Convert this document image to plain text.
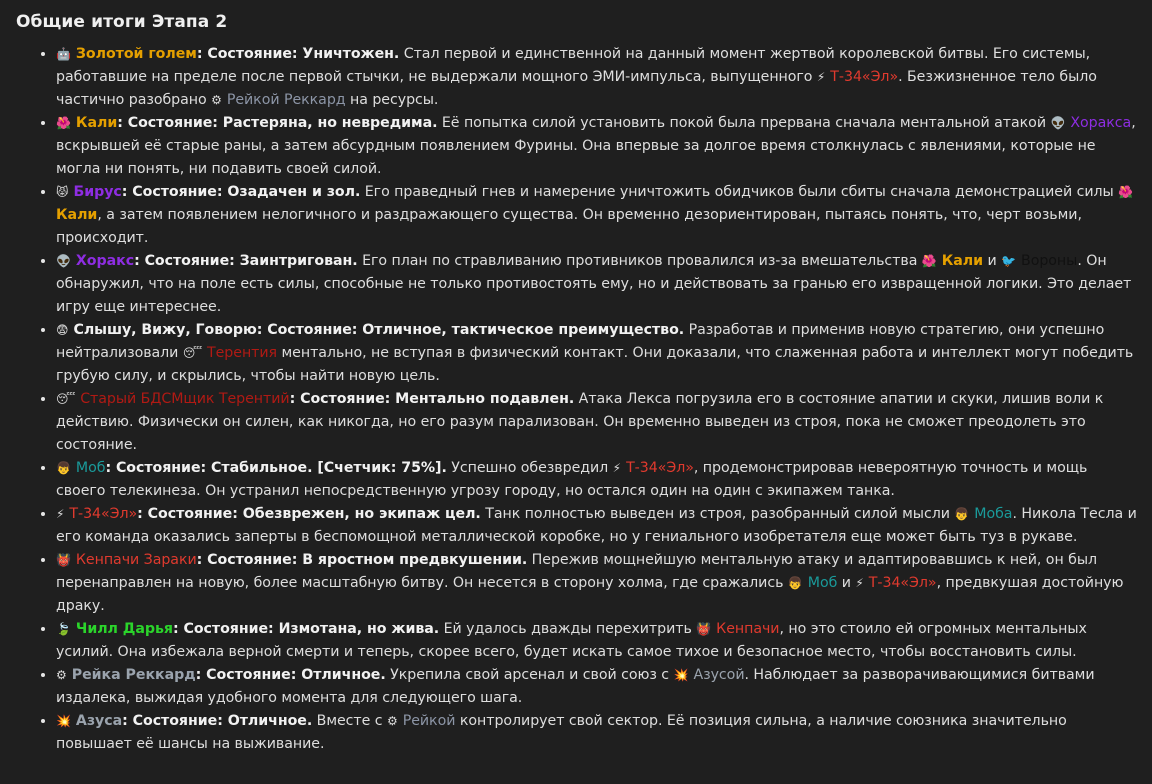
Общие итоги Этапа 2
• 🤖 Золотой голем: Состояние: Уничтожен. Стал первой и единственной на данный момент жертвой королевской битвы. Его системы, работавшие на пределе после первой стычки, не выдержали мощного ЭМИ-импульса, выпущенного ⚡ Т-34«Эл». Безжизненное тело было частично разобрано ⚙ Рейкой Реккард на ресурсы.
• 🌺 Кали: Состояние: Растеряна, но невредима. Её попытка силой установить покой была прервана сначала ментальной атакой 👽 Хоракса, вскрывшей её старые раны, а затем абсурдным появлением Фурины. Она впервые за долгое время столкнулась с явлениями, которые не могла ни понять, ни подавить своей силой.
• 😾 Бирус: Состояние: Озадачен и зол. Его праведный гнев и намерение уничтожить обидчиков были сбиты сначала демонстрацией силы 🌺Кали, а затем появлением нелогичного и раздражающего существа. Он временно дезориентирован, пытаясь понять, что, черт возьми, происходит.
• 👽 Хоракс: Состояние: Заинтригован. Его план по стравливанию противников провалился из-за вмешательства 🌺 Кали и 🐦 Вороны. Он обнаружил, что на поле есть силы, способные не только противостоять ему, но и действовать за гранью его извращенной логики. Это делает игру еще интереснее.
• 😨 Слышу, Вижу, Говорю: Состояние: Отличное, тактическое преимущество. Разработав и применив новую стратегию, они успешно нейтрализовали 😴 Терентия ментально, не вступая в физический контакт. Они доказали, что слаженная работа и интеллект могут победить грубую силу, и скрылись, чтобы найти новую цель.
• 😴 Старый БДСМщик Терентий: Состояние: Ментально подавлен. Атака Лекса погрузила его в состояние апатии и скуки, лишив воли к действию. Физически он силен, как никогда, но его разум парализован. Он временно выведен из строя, пока не сможет преодолеть это состояние.
• 👦 Моб: Состояние: Стабильное. [Счетчик: 75%]. Успешно обезвредил ⚡ Т-34«Эл», продемонстрировав невероятную точность и мощь своего телекинеза. Он устранил непосредственную угрозу городу, но остался один на один с экипажем танка.
• ⚡ Т-34«Эл»: Состояние: Обезврежен, но экипаж цел. Танк полностью выведен из строя, разобранный силой мысли 👦 Моба. Никола Тесла и его команда оказались заперты в беспомощной металлической коробке, но у гениального изобретателя еще может быть туз в рукаве.
• 👹 Кенпачи Зараки: Состояние: В яростном предвкушении. Пережив мощнейшую ментальную атаку и адаптировавшись к ней, он был перенаправлен на новую, более масштабную битву. Он несется в сторону холма, где сражались 👦 Моб и ⚡ Т-34«Эл», предвкушая достойную драку.
• 🍃 Чилл Дарья: Состояние: Измотана, но жива. Ей удалось дважды перехитрить 👹 Кенпачи, но это стоило ей огромных ментальных усилий. Она избежала верной смерти и теперь, скорее всего, будет искать самое тихое и безопасное место, чтобы восстановить силы.
• ⚙ Рейка Реккард: Состояние: Отличное. Укрепила свой арсенал и свой союз с 💥 Азусой. Наблюдает за разворачивающимися битвами издалека, выжидая удобного момента для следующего шага.
• 💥 Азуса: Состояние: Отличное. Вместе с ⚙ Рейкой контролирует свой сектор. Её позиция сильна, а наличие союзника значительно повышает её шансы на выживание.
